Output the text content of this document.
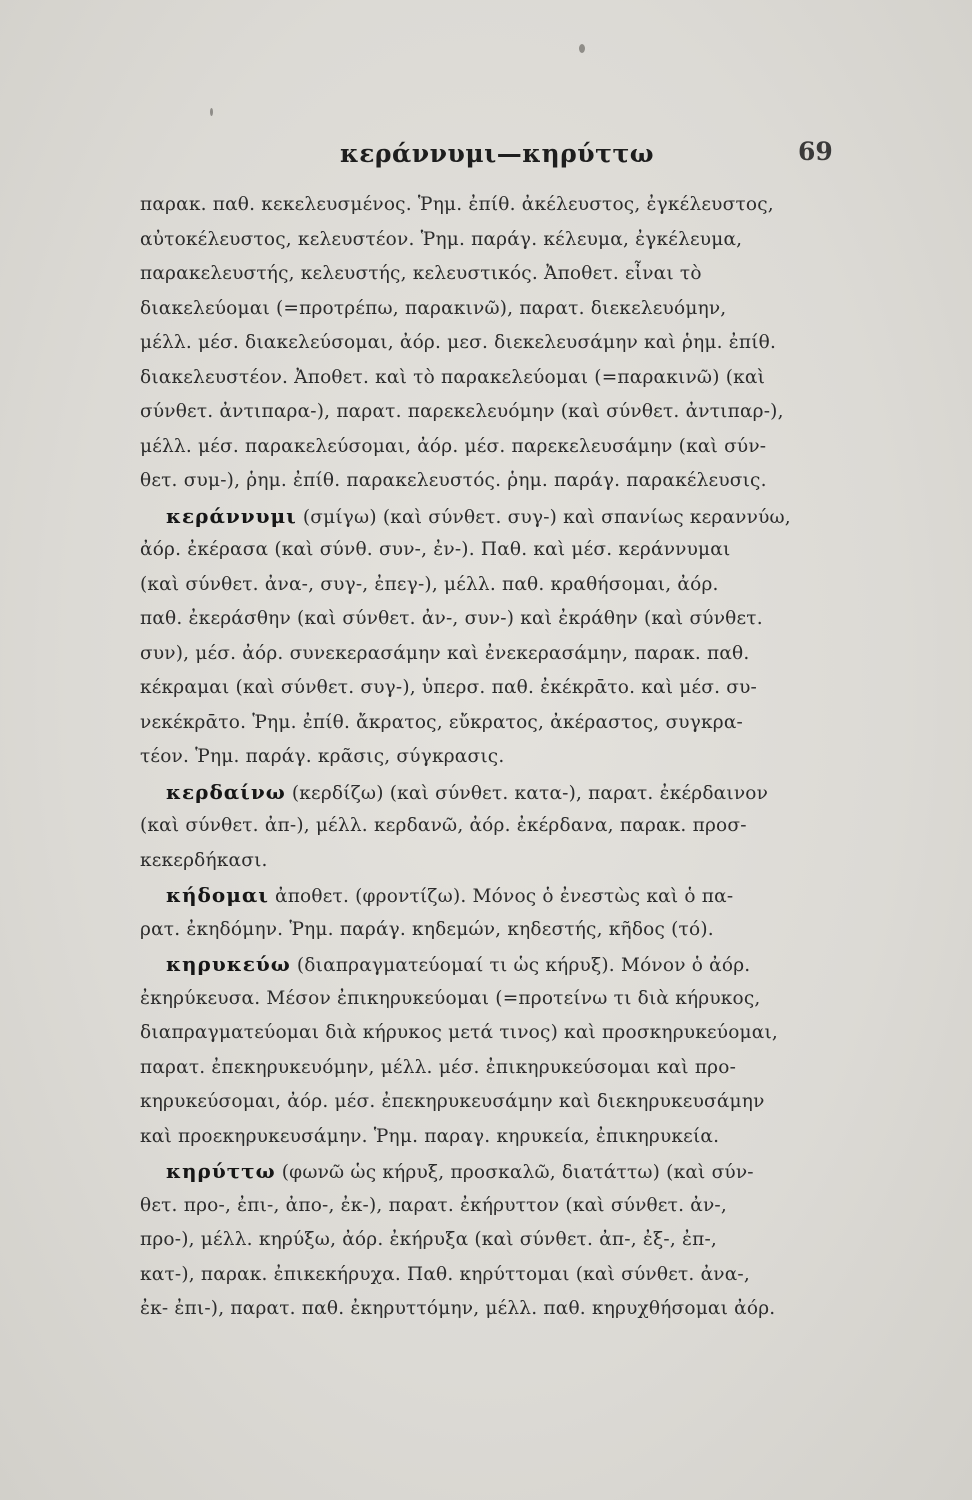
κεράννυμι—κηρύττω	69
παρακ. παθ. κεκελευσμένος. Ῥημ. ἐπίθ. ἀκέλευστος, ἐγκέλευστος,
αὐτοκέλευστος, κελευστέον. Ῥημ. παράγ. κέλευμα, ἐγκέλευμα,
παρακελευστής, κελευστής, κελευστικός. Ἀποθετ. εἶναι τὸ
διακελεύομαι (=προτρέπω, παρακινῶ), παρατ. διεκελευόμην,
μέλλ. μέσ. διακελεύσομαι, ἀόρ. μεσ. διεκελευσάμην καὶ ῥημ. ἐπίθ.
διακελευστέον. Ἀποθετ. καὶ τὸ παρακελεύομαι (=παρακινῶ) (καὶ
σύνθετ. ἀντιπαρα-), παρατ. παρεκελευόμην (καὶ σύνθετ. ἀντιπαρ-),
μέλλ. μέσ. παρακελεύσομαι, ἀόρ. μέσ. παρεκελευσάμην (καὶ σύν-
θετ. συμ-), ῥημ. ἐπίθ. παρακελευστός. ῥημ. παράγ. παρακέλευσις.
κεράννυμι (σμίγω) (καὶ σύνθετ. συγ-) καὶ σπανίως κεραννύω,
ἀόρ. ἐκέρασα (καὶ σύνθ. συν-, ἐν-). Παθ. καὶ μέσ. κεράννυμαι
(καὶ σύνθετ. ἀνα-, συγ-, ἐπεγ-), μέλλ. παθ. κραθήσομαι, ἀόρ.
παθ. ἐκεράσθην (καὶ σύνθετ. ἀν-, συν-) καὶ ἐκράθην (καὶ σύνθετ.
συν), μέσ. ἀόρ. συνεκερασάμην καὶ ἐνεκερασάμην, παρακ. παθ.
κέκραμαι (καὶ σύνθετ. συγ-), ὑπερσ. παθ. ἐκέκρᾱτο. καὶ μέσ. συ-
νεκέκρᾱτο. Ῥημ. ἐπίθ. ἄκρατος, εὔκρατος, ἀκέραστος, συγκρα-
τέον. Ῥημ. παράγ. κρᾶσις, σύγκρασις.
κερδαίνω (κερδίζω) (καὶ σύνθετ. κατα-), παρατ. ἐκέρδαινον
(καὶ σύνθετ. ἀπ-), μέλλ. κερδανῶ, ἀόρ. ἐκέρδανα, παρακ. προσ-
κεκερδήκασι.
κήδομαι ἀποθετ. (φροντίζω). Μόνος ὁ ἐνεστὼς καὶ ὁ πα-
ρατ. ἐκηδόμην. Ῥημ. παράγ. κηδεμών, κηδεστής, κῆδος (τό).
κηρυκεύω (διαπραγματεύομαί τι ὡς κήρυξ). Μόνον ὁ ἀόρ.
ἐκηρύκευσα. Μέσον ἐπικηρυκεύομαι (=προτείνω τι διὰ κήρυκος,
διαπραγματεύομαι διὰ κήρυκος μετά τινος) καὶ προσκηρυκεύομαι,
παρατ. ἐπεκηρυκευόμην, μέλλ. μέσ. ἐπικηρυκεύσομαι καὶ προ-
κηρυκεύσομαι, ἀόρ. μέσ. ἐπεκηρυκευσάμην καὶ διεκηρυκευσάμην
καὶ προεκηρυκευσάμην. Ῥημ. παραγ. κηρυκεία, ἐπικηρυκεία.
κηρύττω (φωνῶ ὡς κήρυξ, προσκαλῶ, διατάττω) (καὶ σύν-
θετ. προ-, ἐπι-, ἀπο-, ἐκ-), παρατ. ἐκήρυττον (καὶ σύνθετ. ἀν-,
προ-), μέλλ. κηρύξω, ἀόρ. ἐκήρυξα (καὶ σύνθετ. ἀπ-, ἐξ-, ἐπ-,
κατ-), παρακ. ἐπικεκήρυχα. Παθ. κηρύττομαι (καὶ σύνθετ. ἀνα-,
ἐκ- ἐπι-), παρατ. παθ. ἐκηρυττόμην, μέλλ. παθ. κηρυχθήσομαι ἀόρ.
